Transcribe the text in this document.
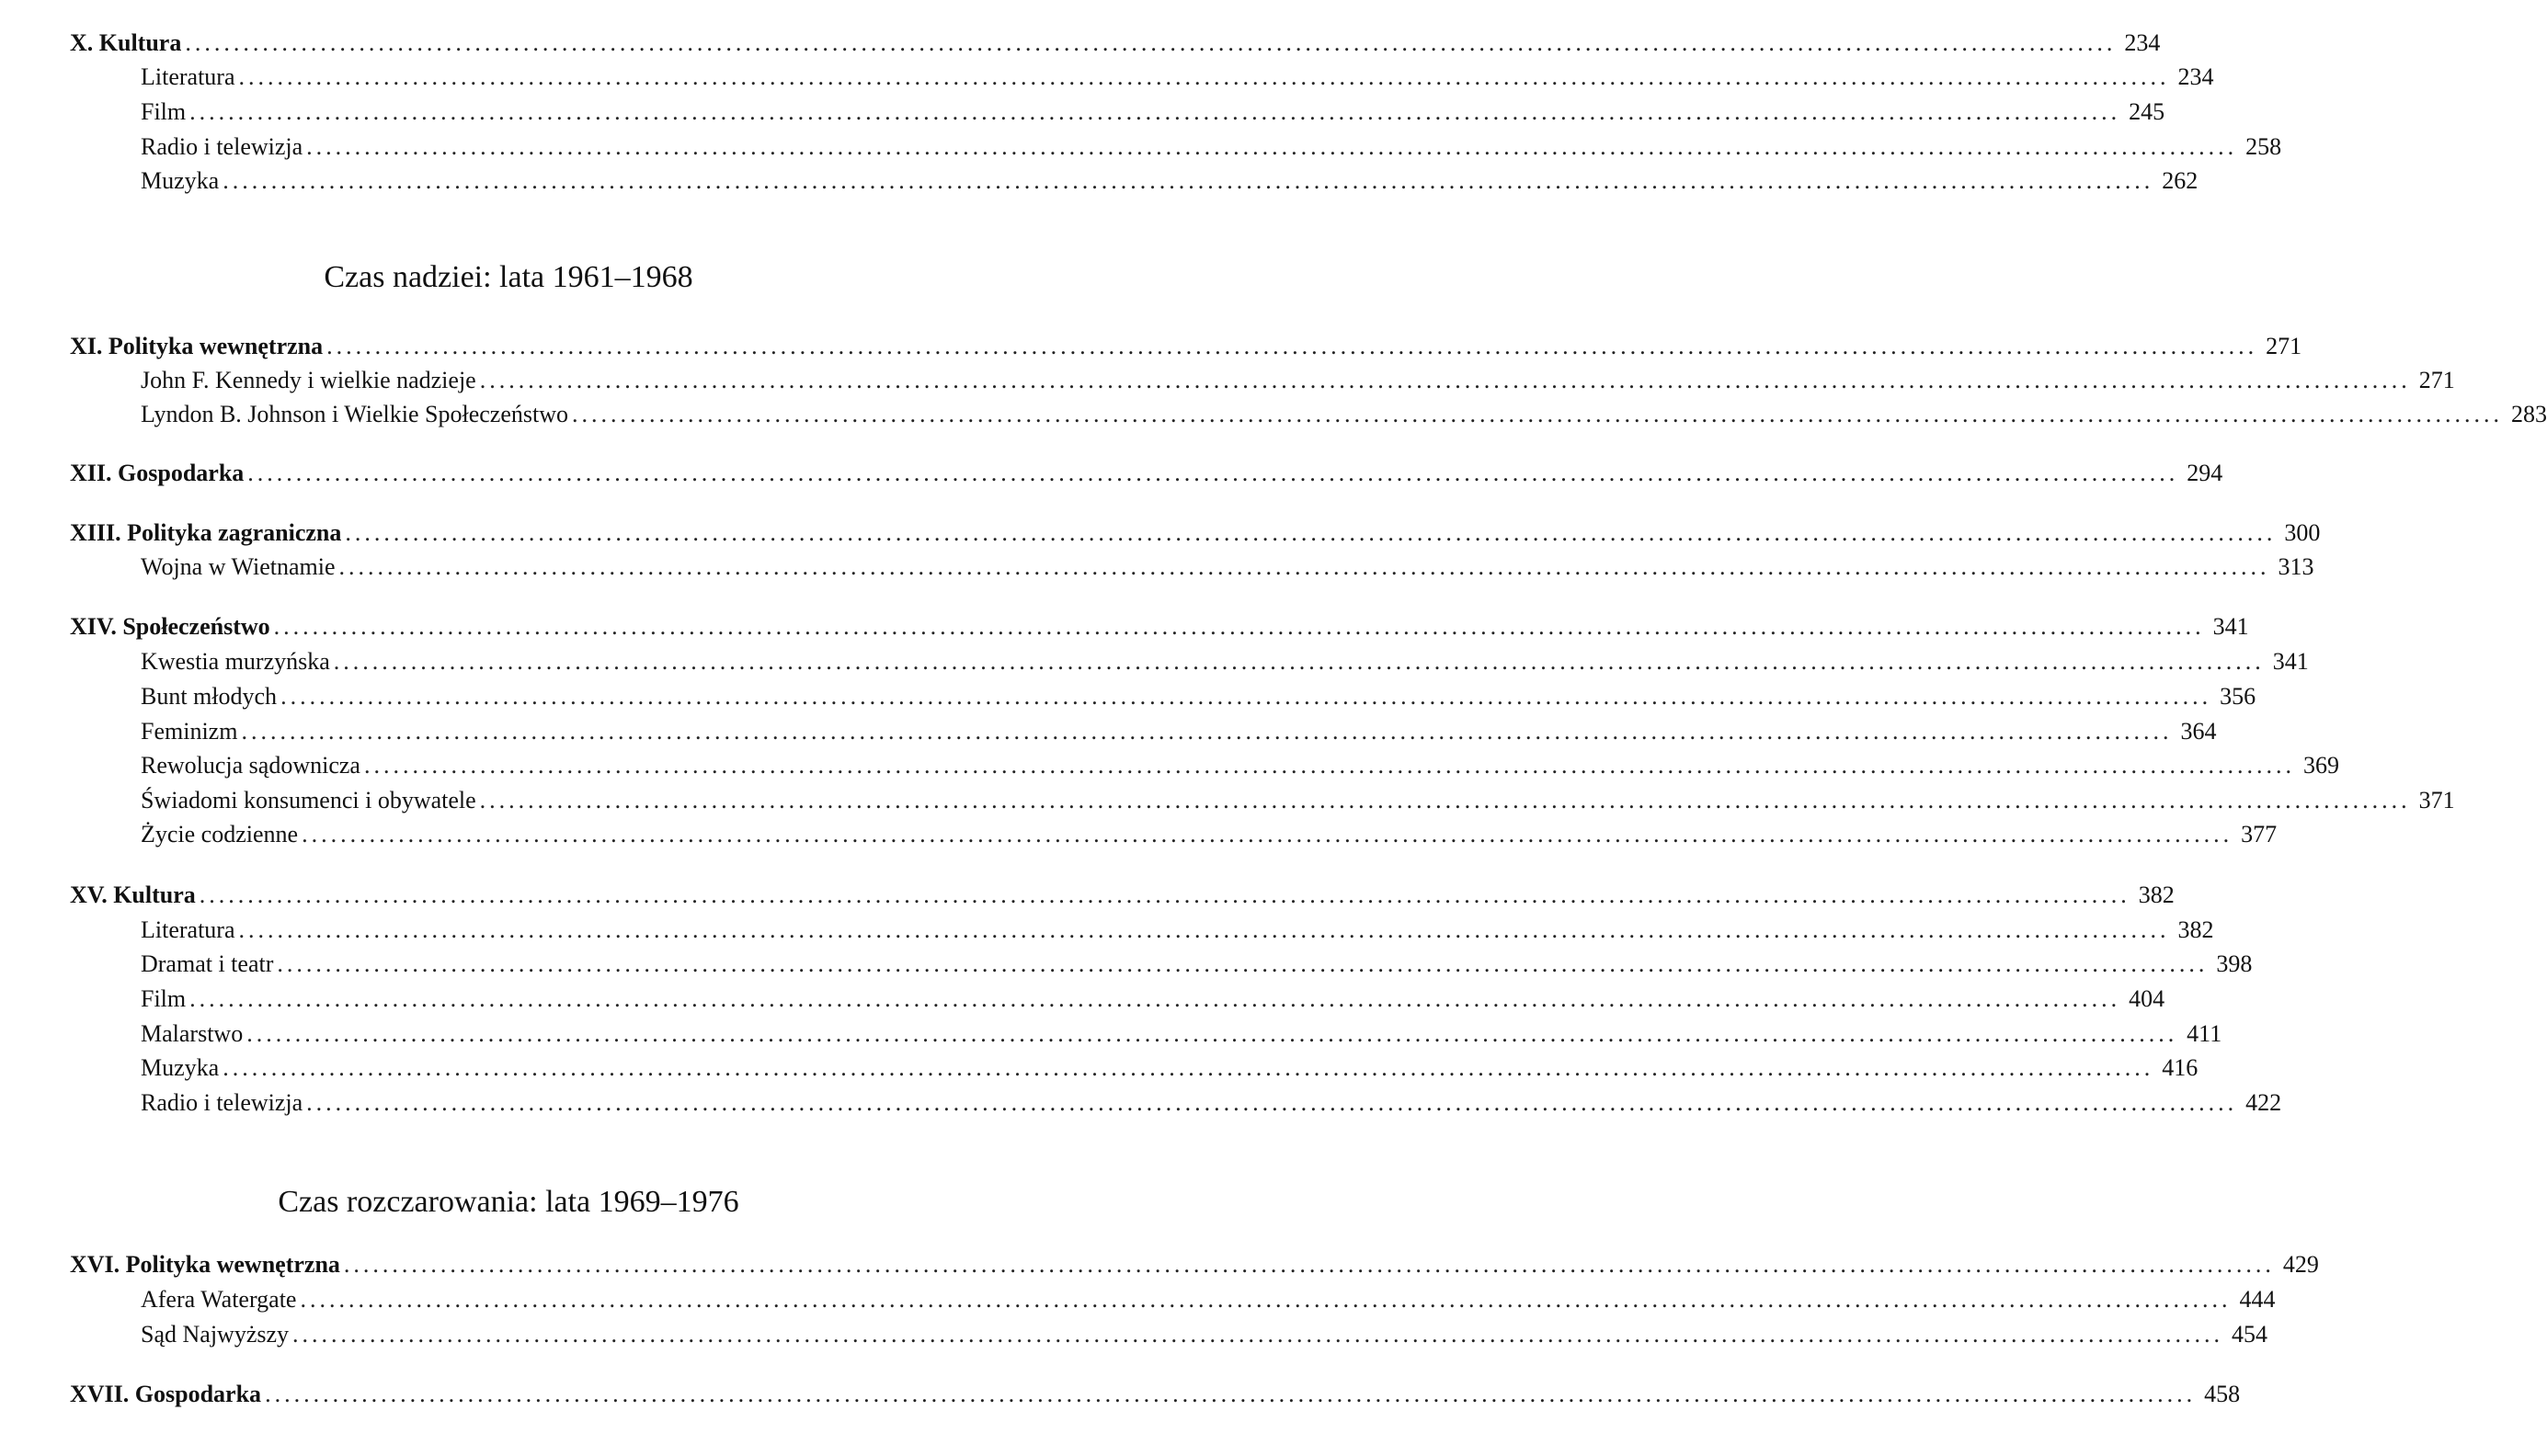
X. Kultura ........................................................................................................................................................................................................ 234
Literatura ........................................................................................................................................................................................................ 234
Film ........................................................................................................................................................................................................ 245
Radio i telewizja ........................................................................................................................................................................................................ 258
Muzyka ........................................................................................................................................................................................................ 262
Czas nadziei: lata 1961–1968
XI. Polityka wewnętrzna ........................................................................................................................................................................................................ 271
John F. Kennedy i wielkie nadzieje ........................................................................................................................................................................................................ 271
Lyndon B. Johnson i Wielkie Społeczeństwo ........................................................................................................................................................................................................ 283
XII. Gospodarka ........................................................................................................................................................................................................ 294
XIII. Polityka zagraniczna ........................................................................................................................................................................................................ 300
Wojna w Wietnamie ........................................................................................................................................................................................................ 313
XIV. Społeczeństwo ........................................................................................................................................................................................................ 341
Kwestia murzyńska ........................................................................................................................................................................................................ 341
Bunt młodych ........................................................................................................................................................................................................ 356
Feminizm ........................................................................................................................................................................................................ 364
Rewolucja sądownicza ........................................................................................................................................................................................................ 369
Świadomi konsumenci i obywatele ........................................................................................................................................................................................................ 371
Życie codzienne ........................................................................................................................................................................................................ 377
XV. Kultura ........................................................................................................................................................................................................ 382
Literatura ........................................................................................................................................................................................................ 382
Dramat i teatr ........................................................................................................................................................................................................ 398
Film ........................................................................................................................................................................................................ 404
Malarstwo ........................................................................................................................................................................................................ 411
Muzyka ........................................................................................................................................................................................................ 416
Radio i telewizja ........................................................................................................................................................................................................ 422
Czas rozczarowania: lata 1969–1976
XVI. Polityka wewnętrzna ........................................................................................................................................................................................................ 429
Afera Watergate ........................................................................................................................................................................................................ 444
Sąd Najwyższy ........................................................................................................................................................................................................ 454
XVII. Gospodarka ........................................................................................................................................................................................................ 458
